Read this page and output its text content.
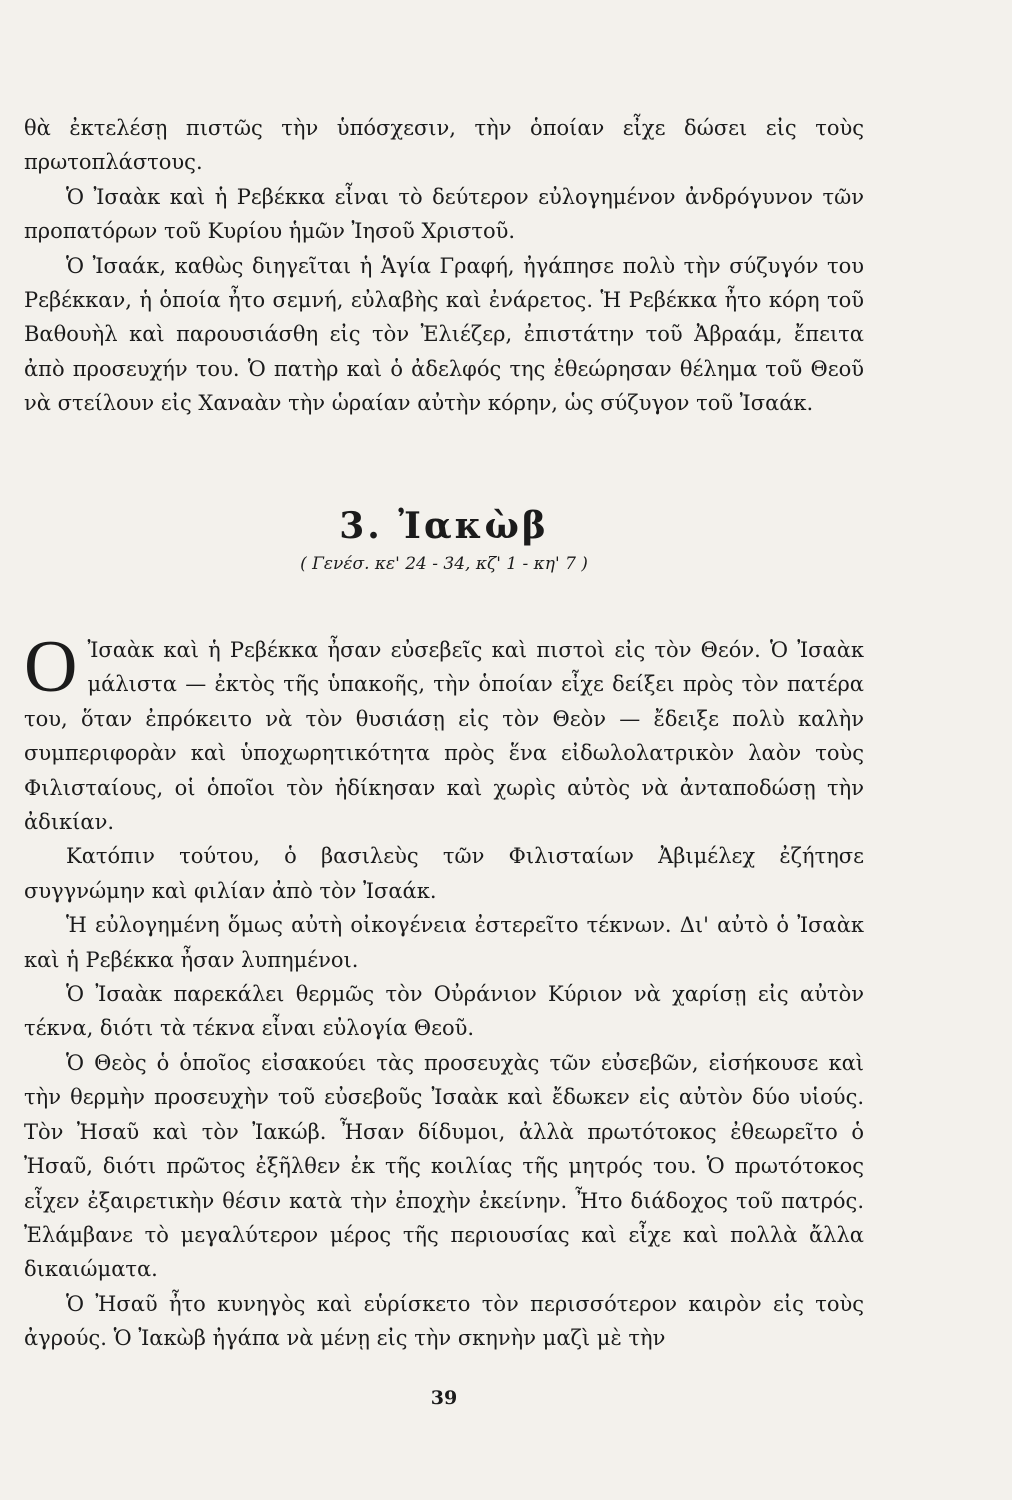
θὰ ἐκτελέσῃ πιστῶς τὴν ὑπόσχεσιν, τὴν ὁποίαν εἶχε δώσει εἰς τοὺς πρωτοπλάστους.

Ὁ Ἰσαὰκ καὶ ἡ Ρεβέκκα εἶναι τὸ δεύτερον εὐλογημένον ἀνδρόγυνον τῶν προπατόρων τοῦ Κυρίου ἡμῶν Ἰησοῦ Χριστοῦ.

Ὁ Ἰσαάκ, καθὼς διηγεῖται ἡ Ἁγία Γραφή, ἠγάπησε πολὺ τὴν σύζυγόν του Ρεβέκκαν, ἡ ὁποία ἦτο σεμνή, εὐλαβὴς καὶ ἐνάρετος. Ἡ Ρεβέκκα ἦτο κόρη τοῦ Βαθουὴλ καὶ παρουσιάσθη εἰς τὸν Ἐλιέζερ, ἐπιστάτην τοῦ Ἀβραάμ, ἔπειτα ἀπὸ προσευχήν του. Ὁ πατὴρ καὶ ὁ ἀδελφός της ἐθεώρησαν θέλημα τοῦ Θεοῦ νὰ στείλουν εἰς Χαναὰν τὴν ὡραίαν αὐτὴν κόρην, ὡς σύζυγον τοῦ Ἰσαάκ.

3. Ἰακὼβ
( Γενέσ. κε' 24 - 34, κζ' 1 - κη' 7 )

Ο Ἰσαὰκ καὶ ἡ Ρεβέκκα ἦσαν εὐσεβεῖς καὶ πιστοὶ εἰς τὸν Θεόν. Ὁ Ἰσαὰκ μάλιστα — ἐκτὸς τῆς ὑπακοῆς, τὴν ὁποίαν εἶχε δείξει πρὸς τὸν πατέρα του, ὅταν ἐπρόκειτο νὰ τὸν θυσιάσῃ εἰς τὸν Θεὸν — ἔδειξε πολὺ καλὴν συμπεριφορὰν καὶ ὑποχωρητικότητα πρὸς ἕνα εἰδωλολατρικὸν λαὸν τοὺς Φιλισταίους, οἱ ὁποῖοι τὸν ἠδίκησαν καὶ χωρὶς αὐτὸς νὰ ἀνταποδώσῃ τὴν ἀδικίαν.

Κατόπιν τούτου, ὁ βασιλεὺς τῶν Φιλισταίων Ἀβιμέλεχ ἐζήτησε συγγνώμην καὶ φιλίαν ἀπὸ τὸν Ἰσαάκ.

Ἡ εὐλογημένη ὅμως αὐτὴ οἰκογένεια ἐστερεῖτο τέκνων. Δι' αὐτὸ ὁ Ἰσαὰκ καὶ ἡ Ρεβέκκα ἦσαν λυπημένοι.

Ὁ Ἰσαὰκ παρεκάλει θερμῶς τὸν Οὐράνιον Κύριον νὰ χαρίσῃ εἰς αὐτὸν τέκνα, διότι τὰ τέκνα εἶναι εὐλογία Θεοῦ.

Ὁ Θεὸς ὁ ὁποῖος εἰσακούει τὰς προσευχὰς τῶν εὐσεβῶν, εἰσήκουσε καὶ τὴν θερμὴν προσευχὴν τοῦ εὐσεβοῦς Ἰσαὰκ καὶ ἔδωκεν εἰς αὐτὸν δύο υἱούς. Τὸν Ἠσαῦ καὶ τὸν Ἰακώβ. Ἦσαν δίδυμοι, ἀλλὰ πρωτότοκος ἐθεωρεῖτο ὁ Ἠσαῦ, διότι πρῶτος ἐξῆλθεν ἐκ τῆς κοιλίας τῆς μητρός του. Ὁ πρωτότοκος εἶχεν ἐξαιρετικὴν θέσιν κατὰ τὴν ἐποχὴν ἐκείνην. Ἦτο διάδοχος τοῦ πατρός. Ἐλάμβανε τὸ μεγαλύτερον μέρος τῆς περιουσίας καὶ εἶχε καὶ πολλὰ ἄλλα δικαιώματα.

Ὁ Ἠσαῦ ἦτο κυνηγὸς καὶ εὑρίσκετο τὸν περισσότερον καιρὸν εἰς τοὺς ἀγρούς. Ὁ Ἰακὼβ ἠγάπα νὰ μένῃ εἰς τὴν σκηνὴν μαζὶ μὲ τὴν

39
